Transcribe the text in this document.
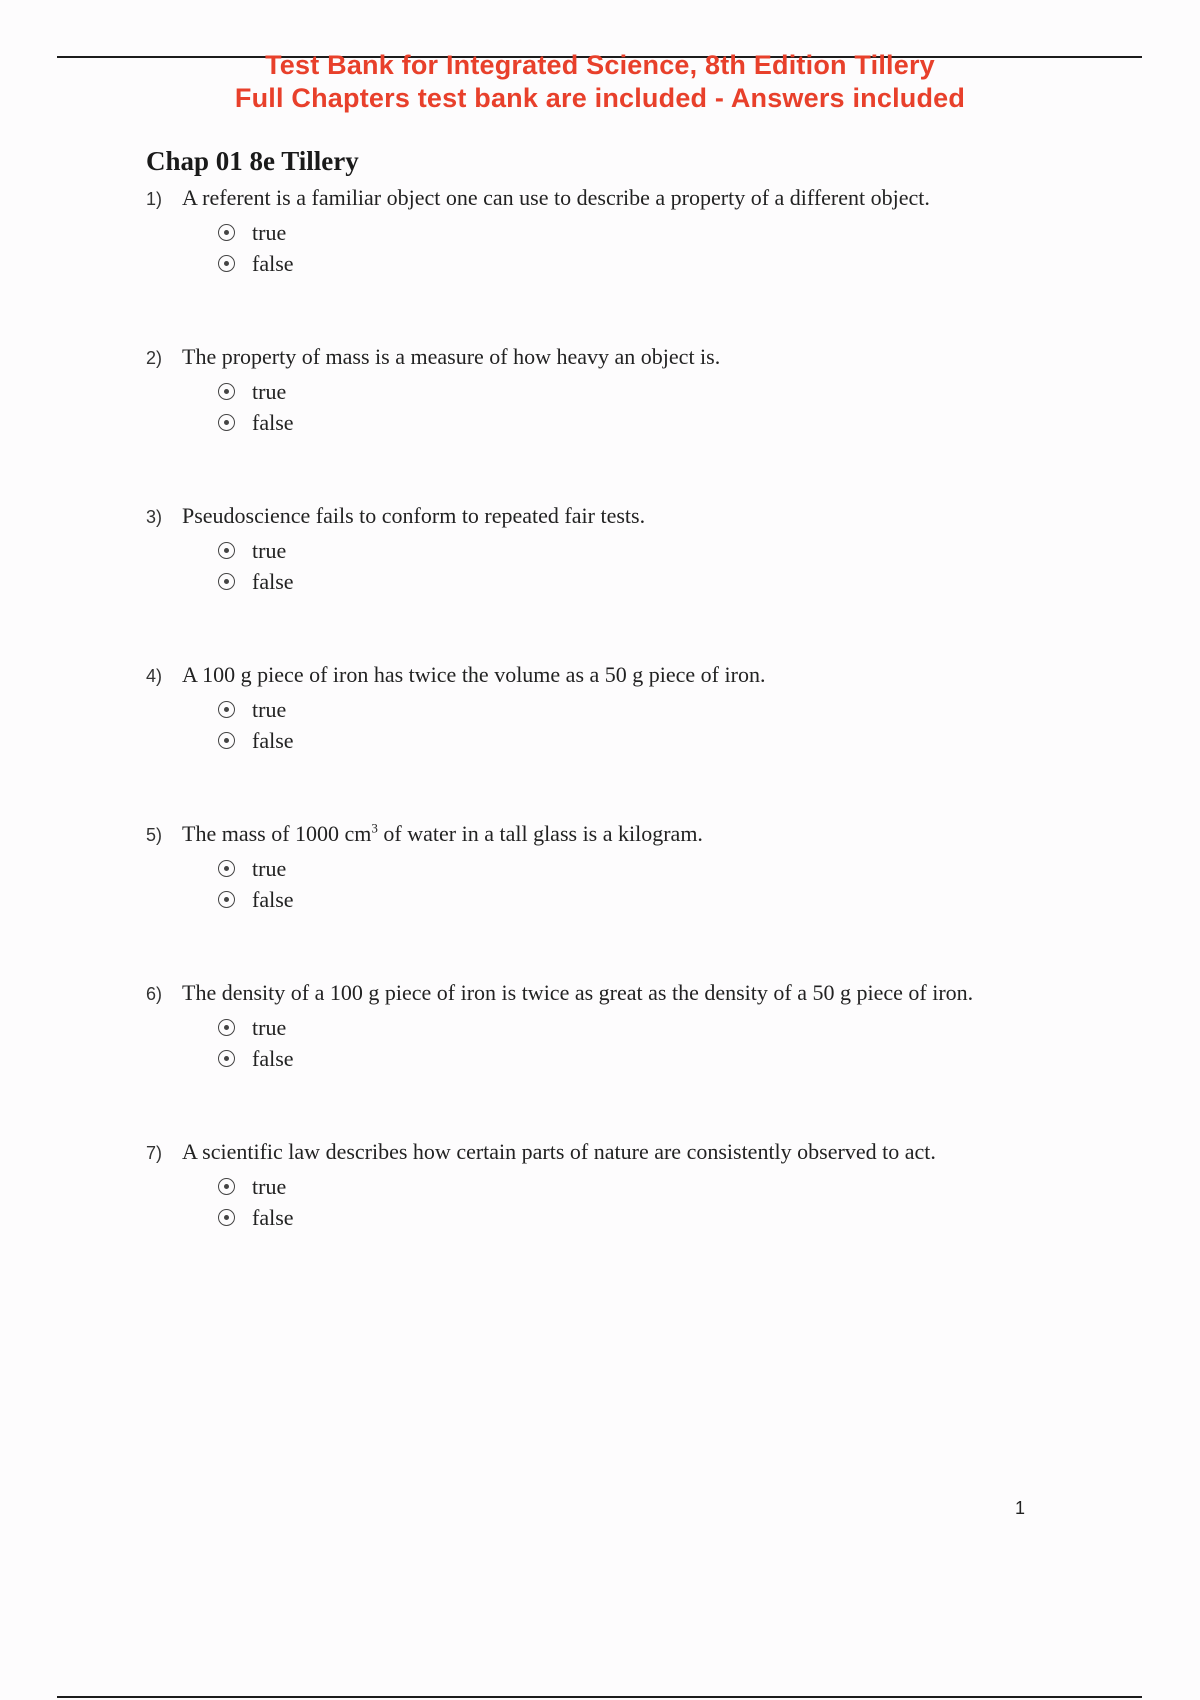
Test Bank for Integrated Science, 8th Edition Tillery
Full Chapters test bank are included - Answers included
Chap 01 8e Tillery
1) A referent is a familiar object one can use to describe a property of a different object.
true
false
2) The property of mass is a measure of how heavy an object is.
true
false
3) Pseudoscience fails to conform to repeated fair tests.
true
false
4) A 100 g piece of iron has twice the volume as a 50 g piece of iron.
true
false
5) The mass of 1000 $cm^3$ of water in a tall glass is a kilogram.
true
false
6) The density of a 100 g piece of iron is twice as great as the density of a 50 g piece of iron.
true
false
7) A scientific law describes how certain parts of nature are consistently observed to act.
true
false
1
